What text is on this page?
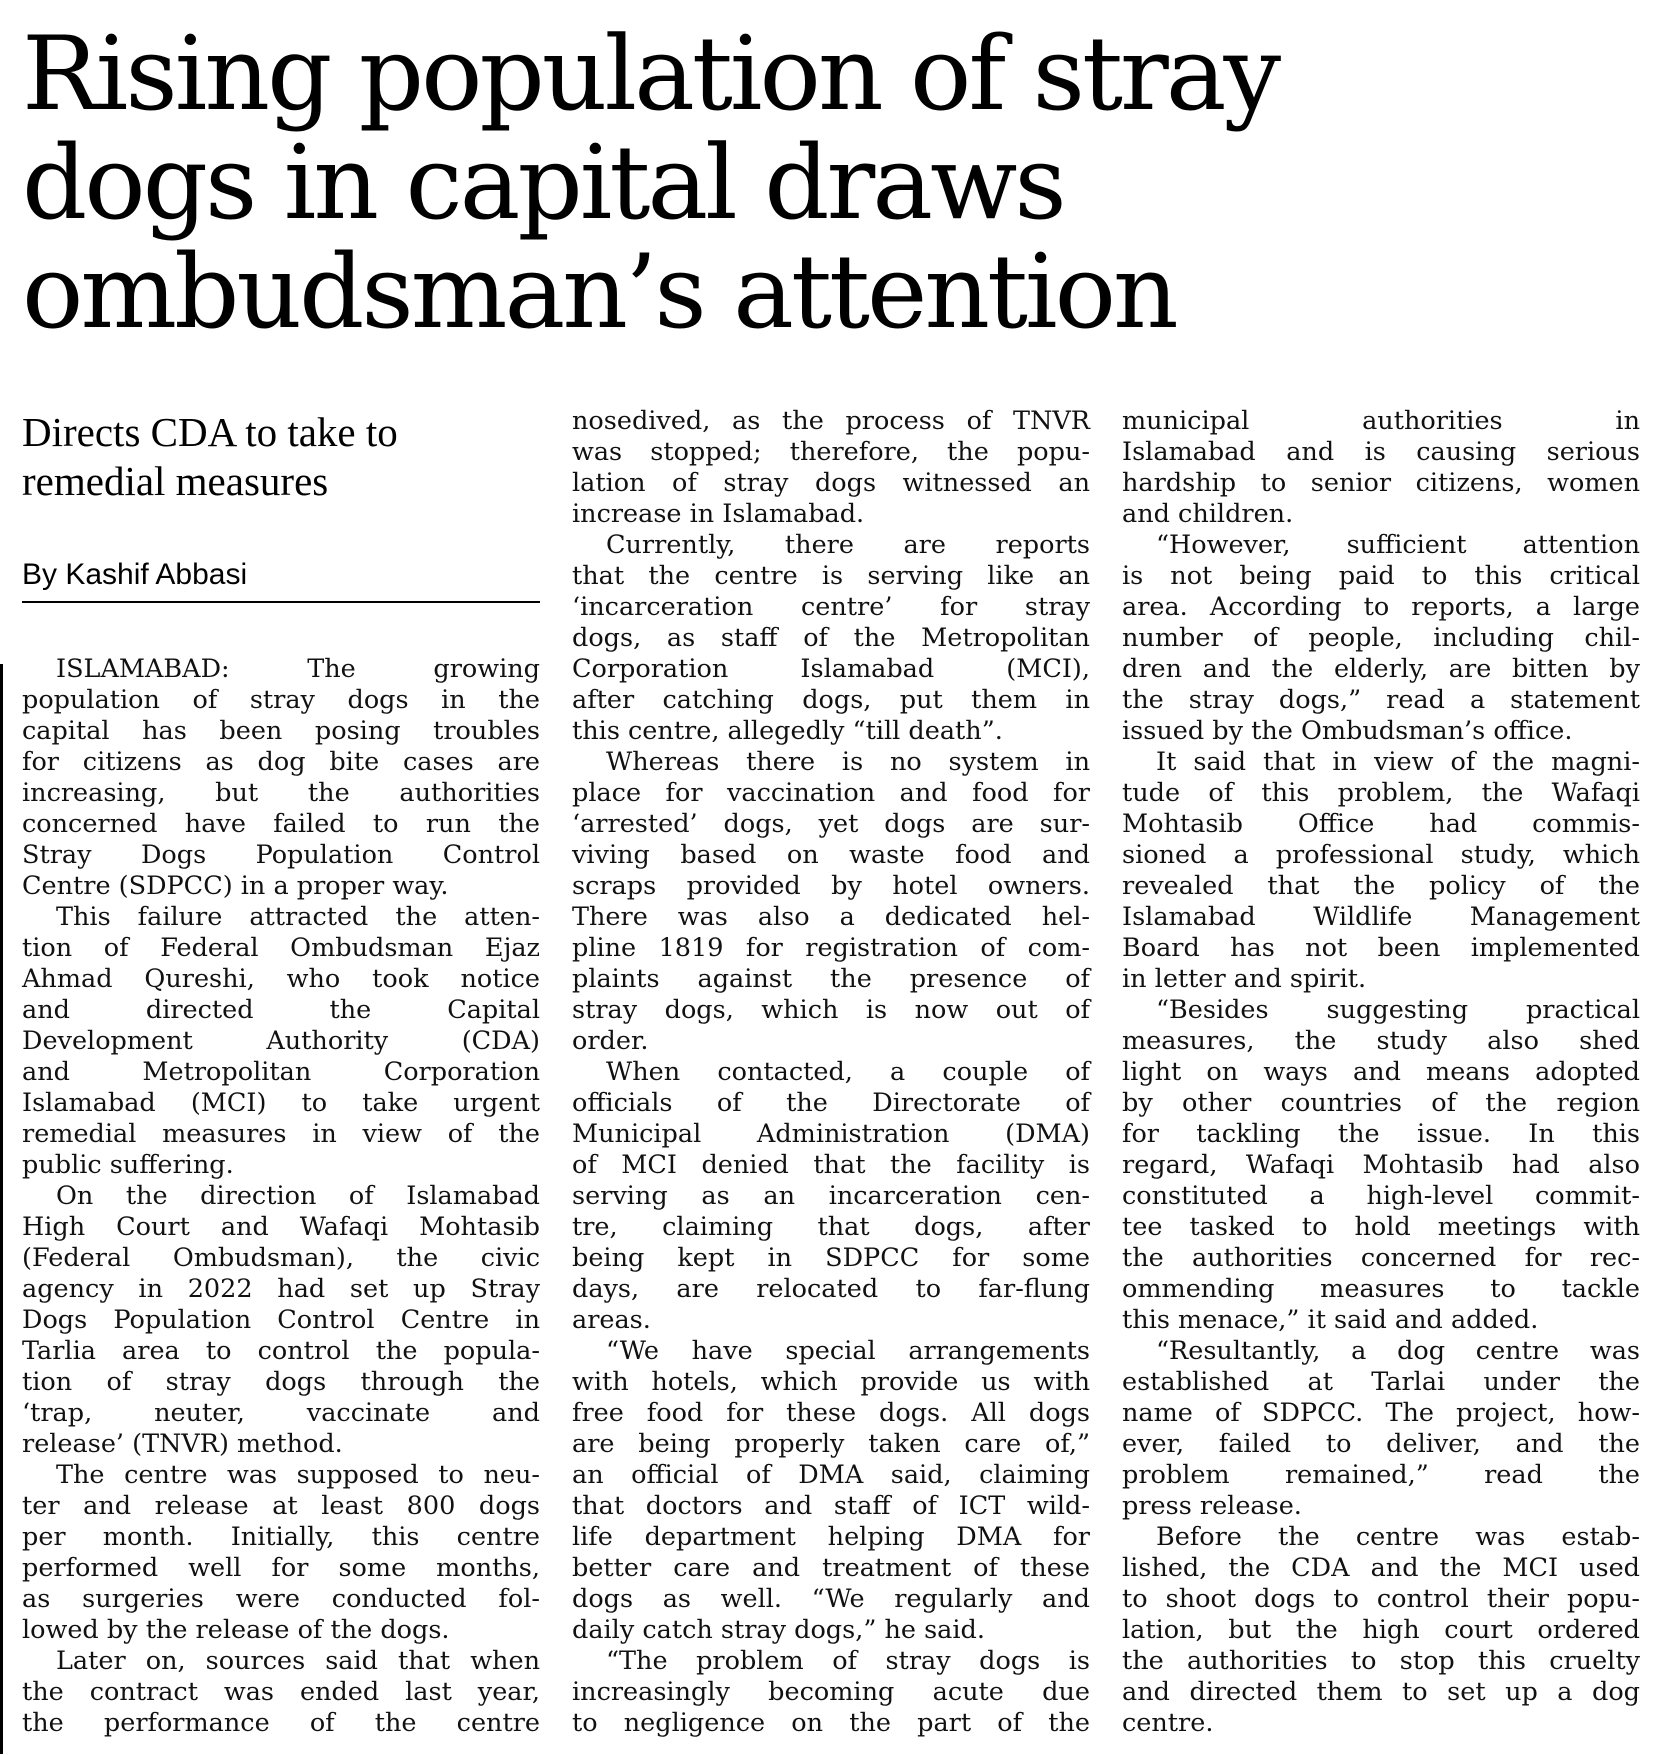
Rising population of stray
dogs in capital draws
ombudsman’s attention
Directs CDA to take to
remedial measures
By Kashif Abbasi
ISLAMABAD: The growing
population of stray dogs in the
capital has been posing troubles
for citizens as dog bite cases are
increasing, but the authorities
concerned have failed to run the
Stray Dogs Population Control
Centre (SDPCC) in a proper way.
This failure attracted the atten-
tion of Federal Ombudsman Ejaz
Ahmad Qureshi, who took notice
and directed the Capital
Development Authority (CDA)
and Metropolitan Corporation
Islamabad (MCI) to take urgent
remedial measures in view of the
public suffering.
On the direction of Islamabad
High Court and Wafaqi Mohtasib
(Federal Ombudsman), the civic
agency in 2022 had set up Stray
Dogs Population Control Centre in
Tarlia area to control the popula-
tion of stray dogs through the
‘trap, neuter, vaccinate and
release’ (TNVR) method.
The centre was supposed to neu-
ter and release at least 800 dogs
per month. Initially, this centre
performed well for some months,
as surgeries were conducted fol-
lowed by the release of the dogs.
Later on, sources said that when
the contract was ended last year,
the performance of the centre
nosedived, as the process of TNVR
was stopped; therefore, the popu-
lation of stray dogs witnessed an
increase in Islamabad.
Currently, there are reports
that the centre is serving like an
‘incarceration centre’ for stray
dogs, as staff of the Metropolitan
Corporation Islamabad (MCI),
after catching dogs, put them in
this centre, allegedly “till death”.
Whereas there is no system in
place for vaccination and food for
‘arrested’ dogs, yet dogs are sur-
viving based on waste food and
scraps provided by hotel owners.
There was also a dedicated hel-
pline 1819 for registration of com-
plaints against the presence of
stray dogs, which is now out of
order.
When contacted, a couple of
officials of the Directorate of
Municipal Administration (DMA)
of MCI denied that the facility is
serving as an incarceration cen-
tre, claiming that dogs, after
being kept in SDPCC for some
days, are relocated to far-flung
areas.
“We have special arrangements
with hotels, which provide us with
free food for these dogs. All dogs
are being properly taken care of,”
an official of DMA said, claiming
that doctors and staff of ICT wild-
life department helping DMA for
better care and treatment of these
dogs as well. “We regularly and
daily catch stray dogs,” he said.
“The problem of stray dogs is
increasingly becoming acute due
to negligence on the part of the
municipal authorities in
Islamabad and is causing serious
hardship to senior citizens, women
and children.
“However, sufficient attention
is not being paid to this critical
area. According to reports, a large
number of people, including chil-
dren and the elderly, are bitten by
the stray dogs,” read a statement
issued by the Ombudsman’s office.
It said that in view of the magni-
tude of this problem, the Wafaqi
Mohtasib Office had commis-
sioned a professional study, which
revealed that the policy of the
Islamabad Wildlife Management
Board has not been implemented
in letter and spirit.
“Besides suggesting practical
measures, the study also shed
light on ways and means adopted
by other countries of the region
for tackling the issue. In this
regard, Wafaqi Mohtasib had also
constituted a high-level commit-
tee tasked to hold meetings with
the authorities concerned for rec-
ommending measures to tackle
this menace,” it said and added.
“Resultantly, a dog centre was
established at Tarlai under the
name of SDPCC. The project, how-
ever, failed to deliver, and the
problem remained,” read the
press release.
Before the centre was estab-
lished, the CDA and the MCI used
to shoot dogs to control their popu-
lation, but the high court ordered
the authorities to stop this cruelty
and directed them to set up a dog
centre.
